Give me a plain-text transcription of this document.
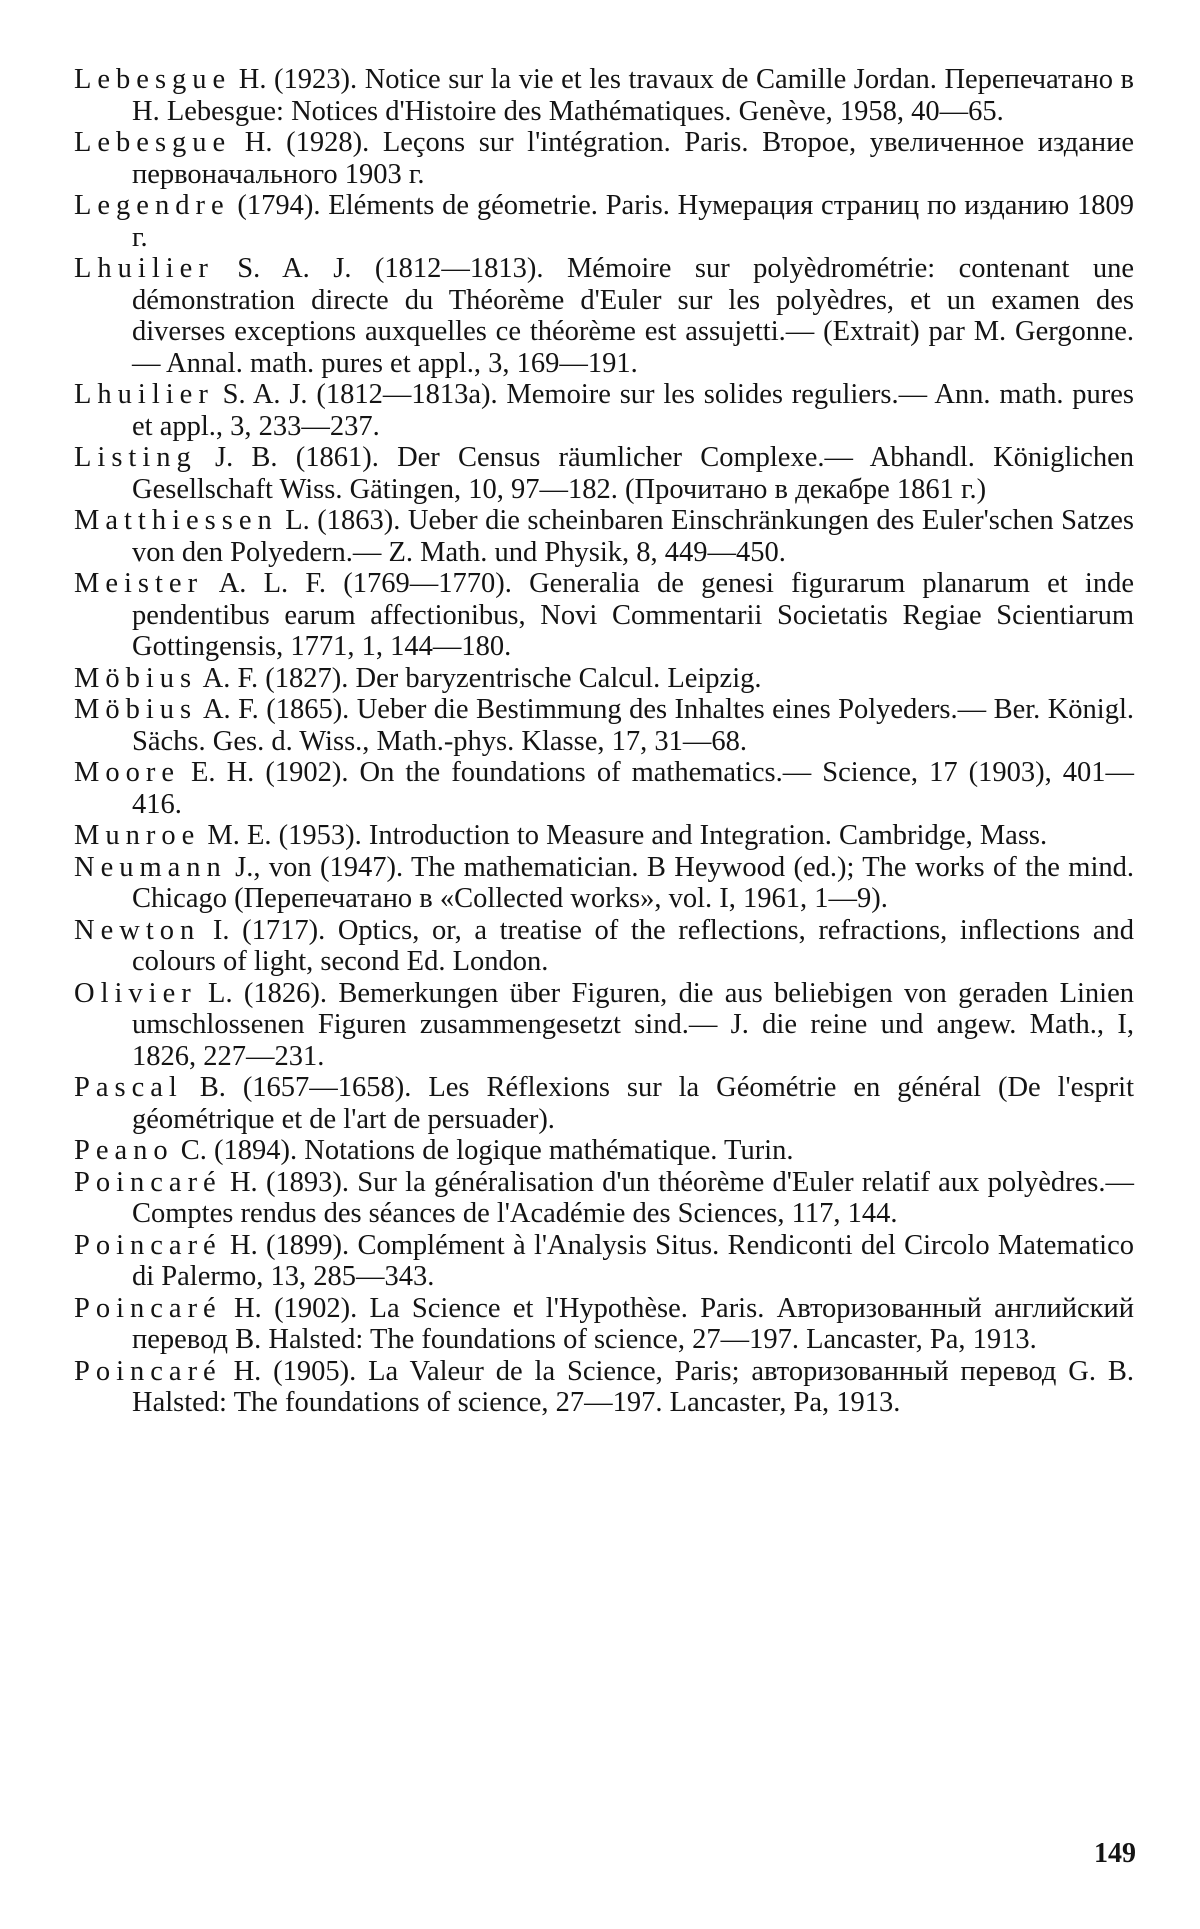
Lebesgue H. (1923). Notice sur la vie et les travaux de Camille Jordan. Перепечатано в H. Lebesgue: Notices d'Histoire des Mathématiques. Genève, 1958, 40—65.

Lebesgue H. (1928). Leçons sur l'intégration. Paris. Второе, увеличенное издание первоначального 1903 г.

Legendre (1794). Eléments de géometrie. Paris. Нумерация страниц по изданию 1809 г.

Lhuilier S. A. J. (1812—1813). Mémoire sur polyèdrométrie: contenant une démonstration directe du Théorème d'Euler sur les polyèdres, et un examen des diverses exceptions auxquelles ce théorème est assujetti.— (Extrait) par M. Gergonne.— Annal. math. pures et appl., 3, 169—191.

Lhuilier S. A. J. (1812—1813a). Memoire sur les solides reguliers.— Ann. math. pures et appl., 3, 233—237.

Listing J. B. (1861). Der Census räumlicher Complexe.— Abhandl. Königlichen Gesellschaft Wiss. Gätingen, 10, 97—182. (Прочитано в декабре 1861 г.)

Matthiessen L. (1863). Ueber die scheinbaren Einschränkungen des Euler'schen Satzes von den Polyedern.— Z. Math. und Physik, 8, 449—450.

Meister A. L. F. (1769—1770). Generalia de genesi figurarum planarum et inde pendentibus earum affectionibus, Novi Commentarii Societatis Regiae Scientiarum Gottingensis, 1771, 1, 144—180.

Möbius A. F. (1827). Der baryzentrische Calcul. Leipzig.

Möbius A. F. (1865). Ueber die Bestimmung des Inhaltes eines Polyeders.— Ber. Königl. Sächs. Ges. d. Wiss., Math.-phys. Klasse, 17, 31—68.

Moore E. H. (1902). On the foundations of mathematics.— Science, 17 (1903), 401—416.

Munroe M. E. (1953). Introduction to Measure and Integration. Cambridge, Mass.

Neumann J., von (1947). The mathematician. B Heywood (ed.); The works of the mind. Chicago (Перепечатано в «Collected works», vol. I, 1961, 1—9).

Newton I. (1717). Optics, or, a treatise of the reflections, refractions, inflections and colours of light, second Ed. London.

Olivier L. (1826). Bemerkungen über Figuren, die aus beliebigen von geraden Linien umschlossenen Figuren zusammengesetzt sind.— J. die reine und angew. Math., I, 1826, 227—231.

Pascal B. (1657—1658). Les Réflexions sur la Géométrie en général (De l'esprit géométrique et de l'art de persuader).

Peano C. (1894). Notations de logique mathématique. Turin.

Poincaré H. (1893). Sur la généralisation d'un théorème d'Euler relatif aux polyèdres.— Comptes rendus des séances de l'Académie des Sciences, 117, 144.

Poincaré H. (1899). Complément à l'Analysis Situs. Rendiconti del Circolo Matematico di Palermo, 13, 285—343.

Poincaré H. (1902). La Science et l'Hypothèse. Paris. Авторизованный английский перевод B. Halsted: The foundations of science, 27—197. Lancaster, Pa, 1913.

Poincaré H. (1905). La Valeur de la Science, Paris; авторизованный перевод G. B. Halsted: The foundations of science, 27—197. Lancaster, Pa, 1913.

149
